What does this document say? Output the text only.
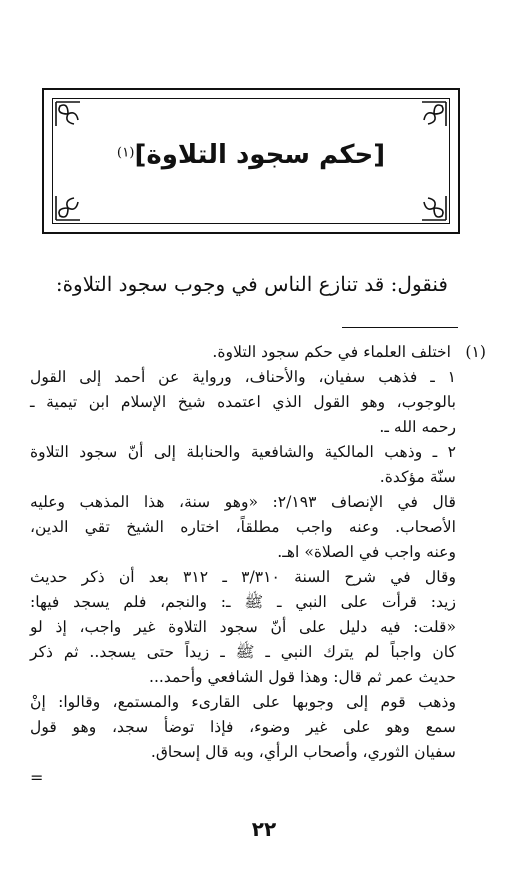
[حكم سجود التلاوة]$^{(١)}$
فنقول: قد تنازع الناس في وجوب سجود التلاوة:
(١) اختلف العلماء في حكم سجود التلاوة.
١ ـ فذهب سفيان، والأحناف، ورواية عن أحمد إلى القول
بالوجوب، وهو القول الذي اعتمده شيخ الإسلام ابن تيمية ـ
رحمه الله ـ.
٢ ـ وذهب المالكية والشافعية والحنابلة إلى أنّ سجود التلاوة
سنّة مؤكدة.
قال في الإنصاف ٢/١٩٣: «وهو سنة، هذا المذهب وعليه
الأصحاب. وعنه واجب مطلقاً، اختاره الشيخ تقي الدين،
وعنه واجب في الصلاة» اهـ.
وقال في شرح السنة ٣/٣١٠ ـ ٣١٢ بعد أن ذكر حديث
زيد: قرأت على النبي ـ ﷺ ـ: والنجم، فلم يسجد فيها:
«قلت: فيه دليل على أنّ سجود التلاوة غير واجب، إذ لو
كان واجباً لم يترك النبي ـ ﷺ ـ زيداً حتى يسجد.. ثم ذكر
حديث عمر ثم قال: وهذا قول الشافعي وأحمد...
وذهب قوم إلى وجوبها على القارىء والمستمع، وقالوا: إنْ
سمع وهو على غير وضوء، فإذا توضأ سجد، وهو قول
سفيان الثوري، وأصحاب الرأي، وبه قال إسحاق.
=
٢٢
